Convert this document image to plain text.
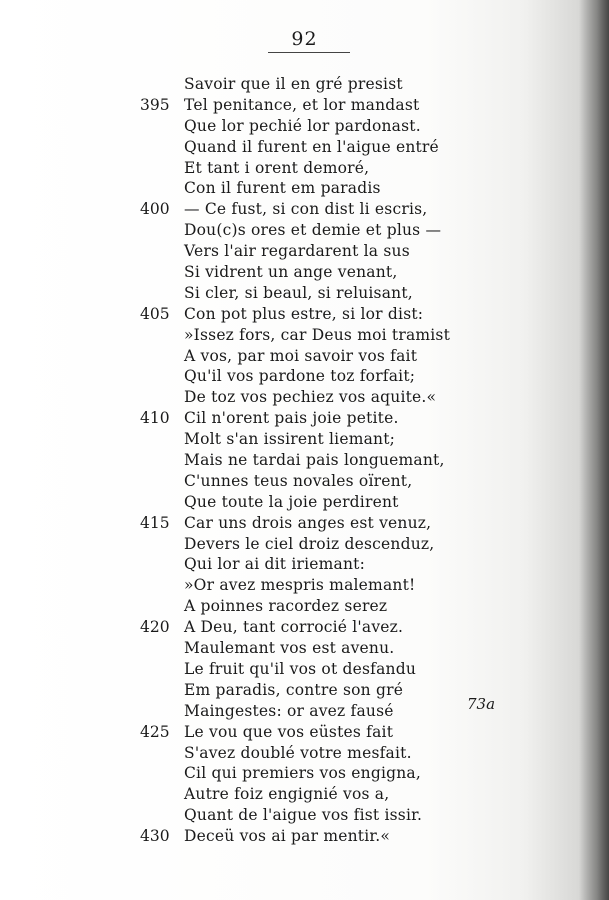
92
Savoir que il en gré presist
395 Tel penitance, et lor mandast
Que lor pechié lor pardonast.
Quand il furent en l'aigue entré
Et tant i orent demoré,
Con il furent em paradis
400 — Ce fust, si con dist li escris,
Dou(c)s ores et demie et plus —
Vers l'air regardarent la sus
Si vidrent un ange venant,
Si cler, si beaul, si reluisant,
405 Con pot plus estre, si lor dist:
»Issez fors, car Deus moi tramist
A vos, par moi savoir vos fait
Qu'il vos pardone toz forfait;
De toz vos pechiez vos aquite.«
410 Cil n'orent pais joie petite.
Molt s'an issirent liemant;
Mais ne tardai pais longuemant,
C'unnes teus novales oïrent,
Que toute la joie perdirent
415 Car uns drois anges est venuz,
Devers le ciel droiz descenduz,
Qui lor ai dit iriemant:
»Or avez mespris malemant!
A poinnes racordez serez
420 A Deu, tant corrocié l'avez.
Maulemant vos est avenu.
Le fruit qu'il vos ot desfandu
Em paradis, contre son gré
Maingestes: or avez fausé
425 Le vou que vos eüstes fait
S'avez doublé votre mesfait.
Cil qui premiers vos engigna,
Autre foiz engignié vos a,
Quant de l'aigue vos fist issir.
430 Deceü vos ai par mentir.«
73a
